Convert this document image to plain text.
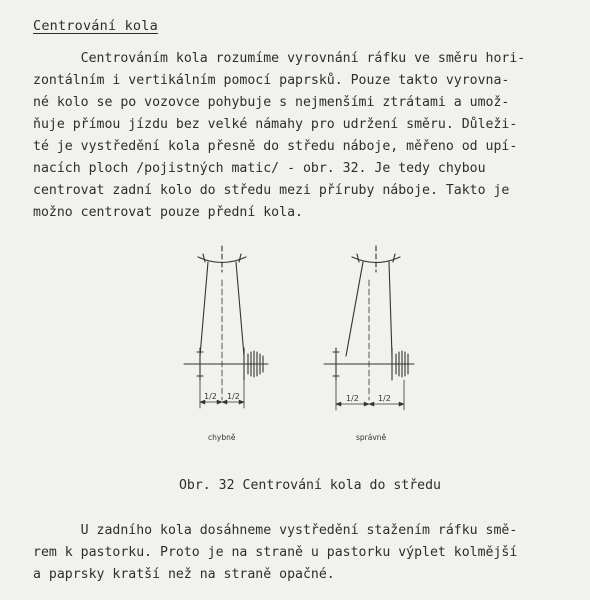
Centrování kola

Centrováním kola rozumíme vyrovnání ráfku ve směru hori-
zontálním i vertikálním pomocí paprsků. Pouze takto vyrovna-
né kolo se po vozovce pohybuje s nejmenšími ztrátami a umož-
ňuje přímou jízdu bez velké námahy pro udržení směru. Důleži-
té je vystředění kola přesně do středu náboje, měřeno od upí-
nacích ploch /pojistných matic/ - obr. 32. Je tedy chybou
centrovat zadní kolo do středu mezi příruby náboje. Takto je
možno centrovat pouze přední kola.

1/2 1/2	1/2 1/2
chybně	správně
Obr. 32 Centrování kola do středu

U zadního kola dosáhneme vystředění stažením ráfku smě-
rem k pastorku. Proto je na straně u pastorku výplet kolmější
a paprsky kratší než na straně opačné.
